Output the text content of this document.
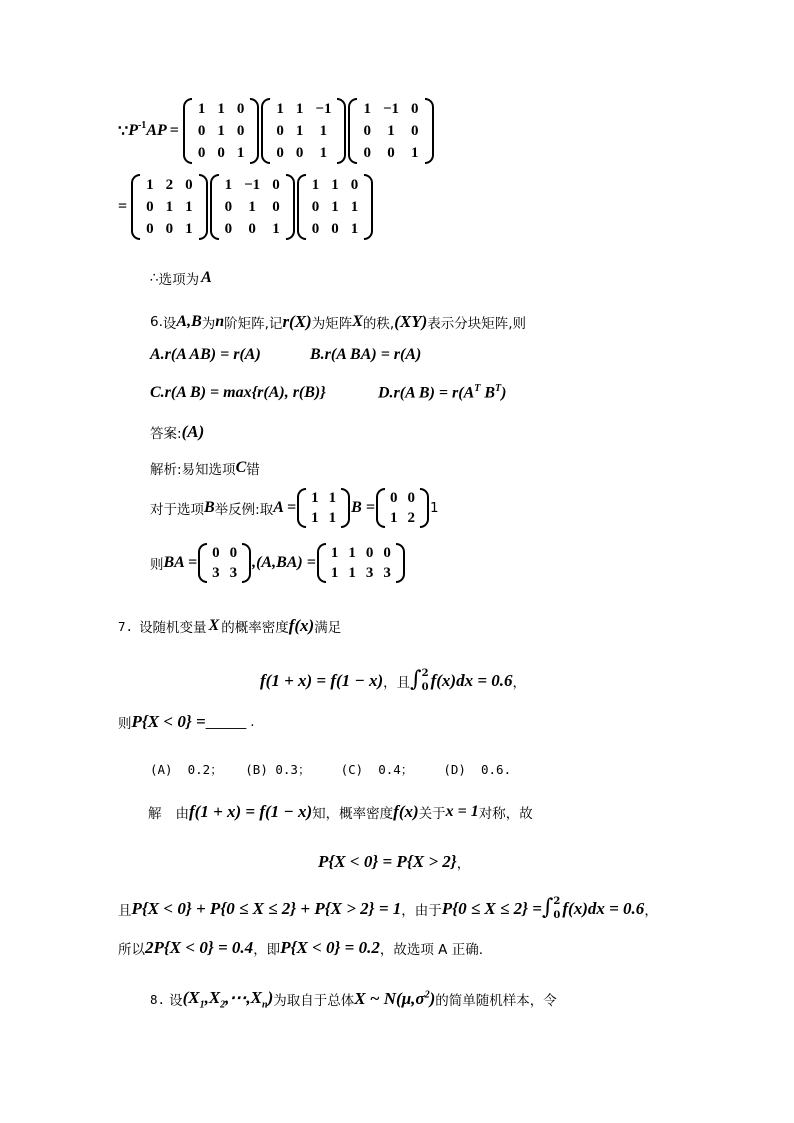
∵ $P^{-1}$ AP =
1	1	0
0	1	0
0	0	1
1	1	−1
0	1	1
0	0	1
1	−1	0
0	1	0
0	0	1
=
1	2	0
0	1	1
0	0	1
1	−1	0
0	1	0
0	0	1
1	1	0
0	1	1
0	0	1
∴ 选项为 A
6. 设 A,B 为 n 阶矩阵,记 r(X) 为矩阵 X 的秩, (XY) 表示分块矩阵,则
A.r(A AB) = r(A)	B.r(A BA) = r(A)
C.r(A B) = max{r(A), r(B)}	D.r(A $B) = r(A^T$ $B^T$)
答案: (A)
解析:易知选项 C 错
对于选项 B 举反例:取 A =
1	1
1	1
B =
0	0
1	2
1
则 BA =
0	0
3	3
, (A,BA) =
1	1	0	0
1	1	3	3
7. 设随机变量 X 的概率密度 f(x) 满足
f(1 + x) = f(1 − x) ，且 ∫ 2
0 f(x)dx = 0.6 ，
则 P{X < 0} = ______ .
(A)  0.2；   (B) 0.3；    (C)  0.4；    (D)  0.6.
解 由 f(1 + x) = f(1 − x) 知，概率密度 f(x) 关于 x = 1 对称，故
P{X < 0} = P{X > 2} ，
且 P{X < 0} + P{0 ≤ X ≤ 2} + P{X > 2} = 1 ，由于 P{0 ≤ X ≤ 2} = ∫ 2
0 f(x)dx = 0.6 ，
所以 2P{X < 0} = 0.4 ，即 P{X < 0} = 0.2 ，故选项 A 正确.
8. 设 $(X_1,X_2,\cdots,X_n)$ 为取自于总体 X ~ $N(\mu,\sigma^2)$ 的简单随机样本，令
